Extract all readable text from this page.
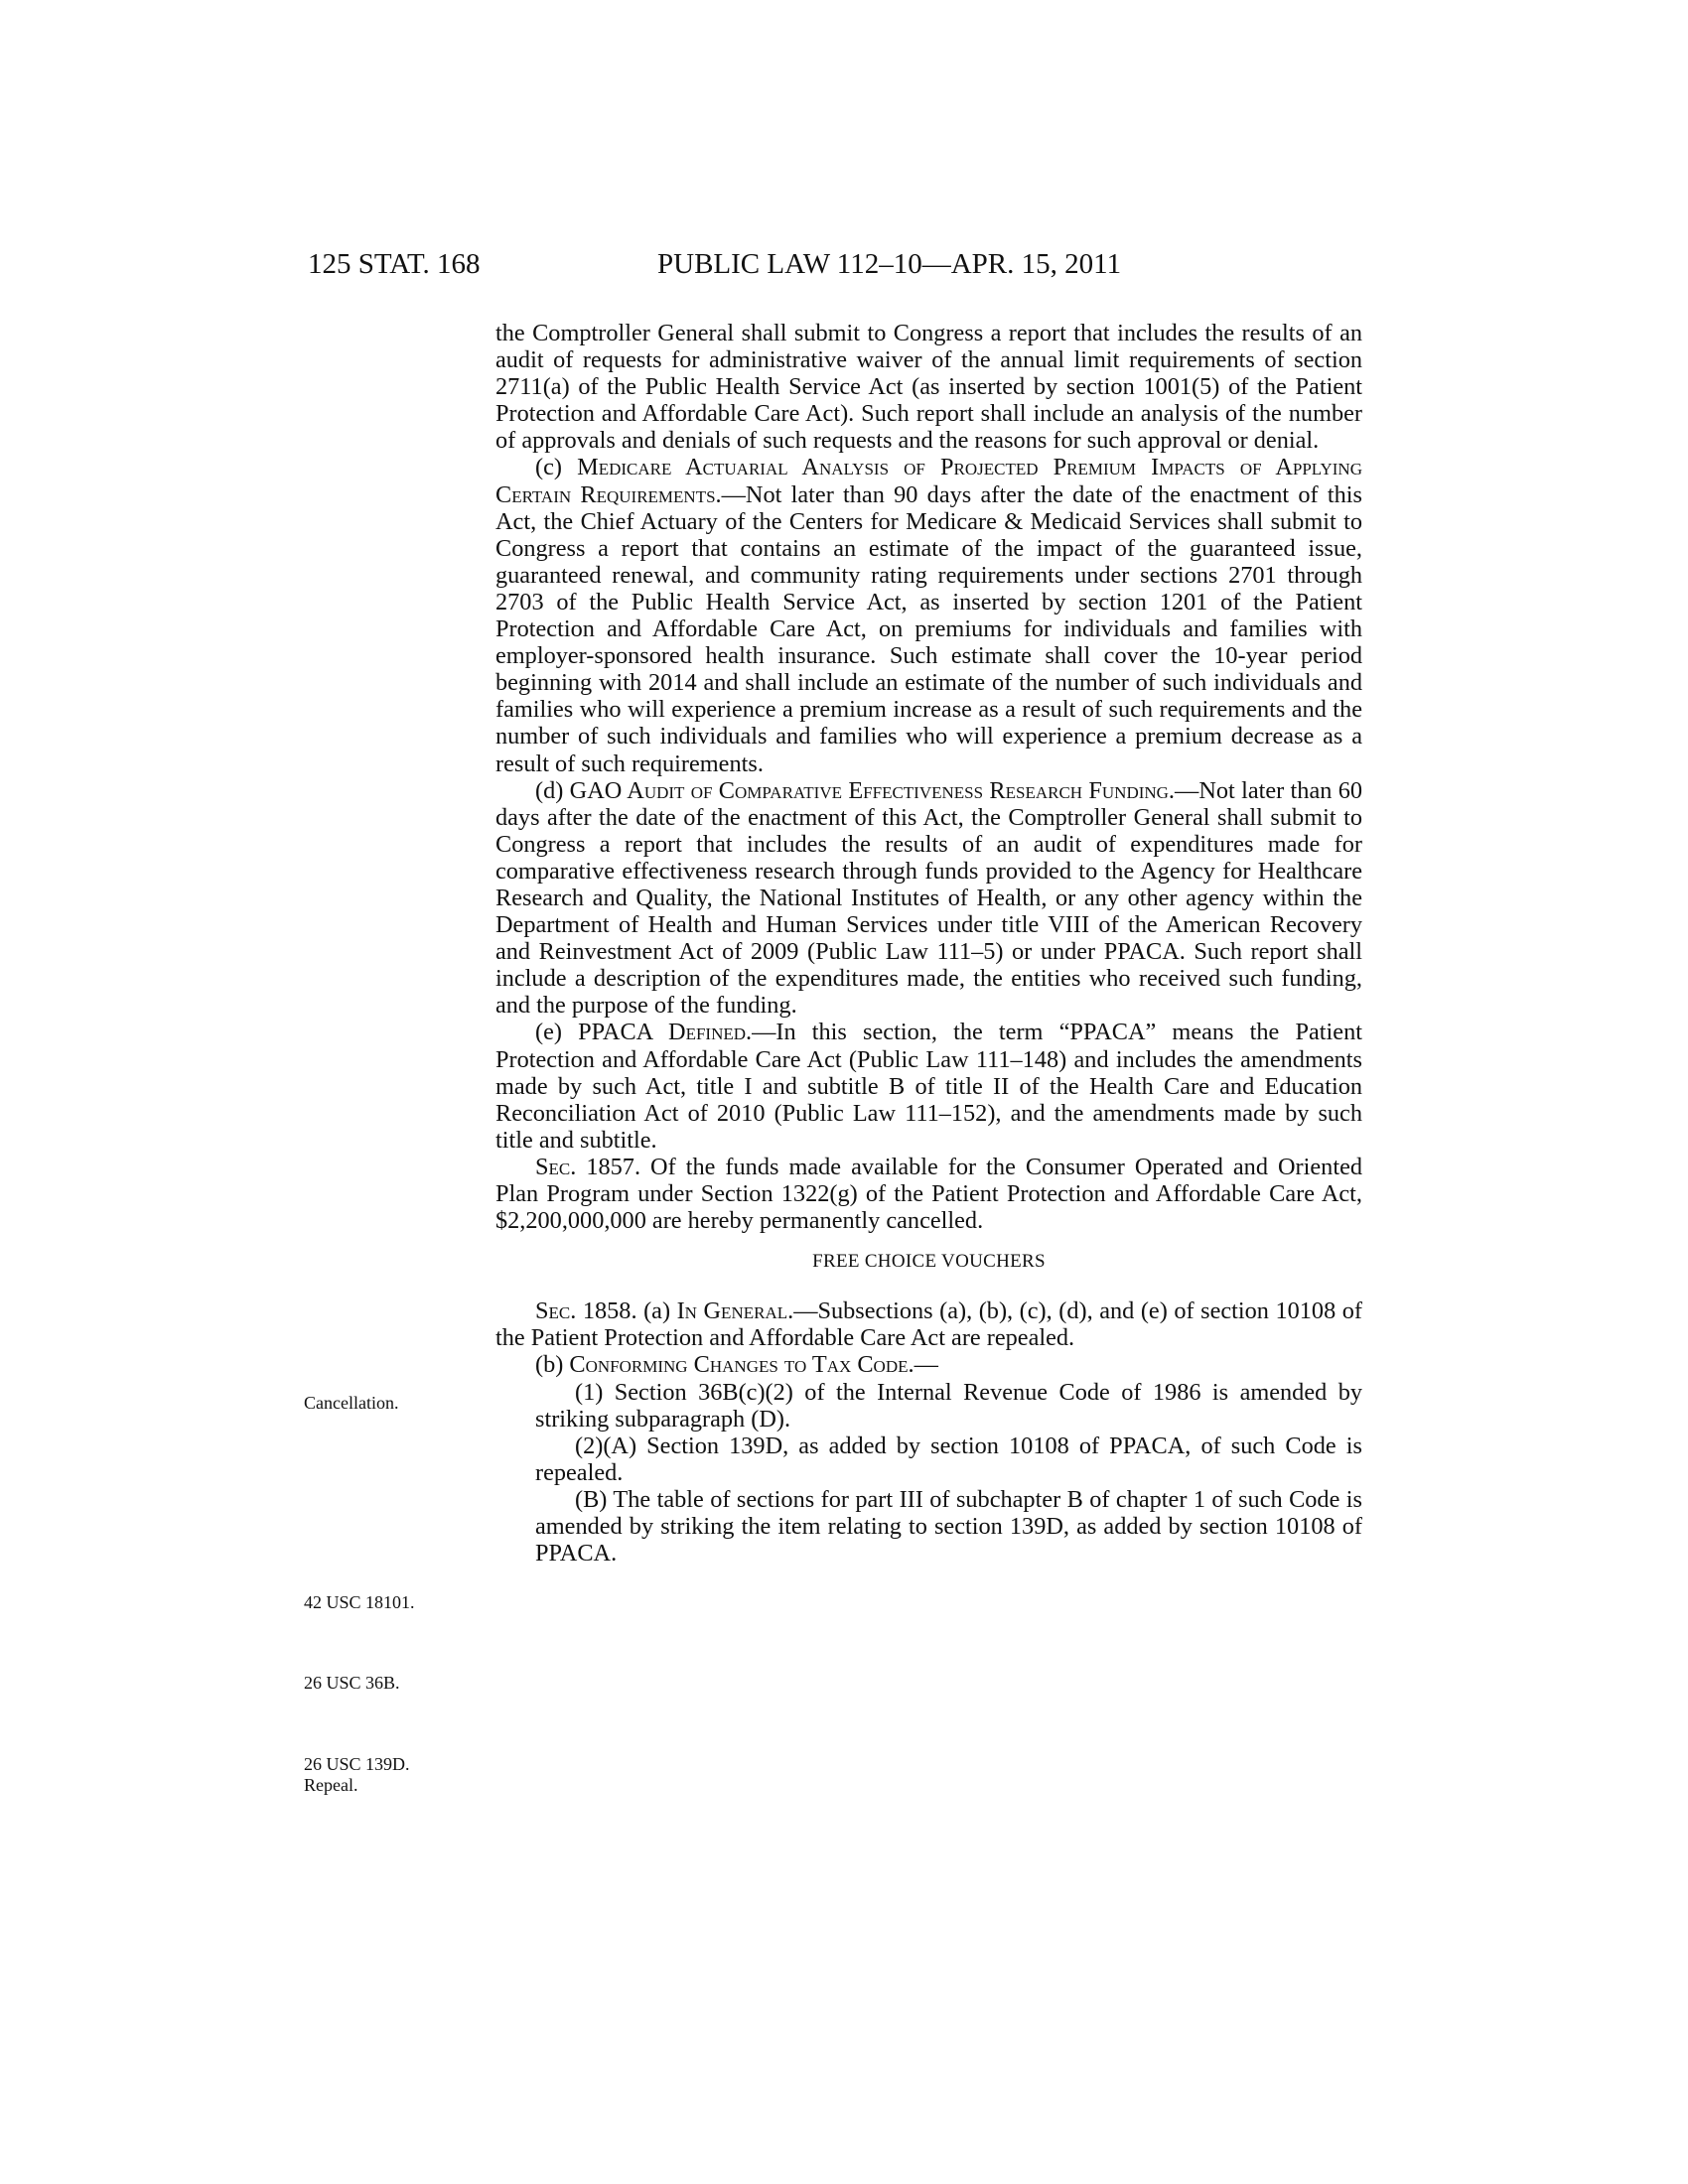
125 STAT. 168	PUBLIC LAW 112–10—APR. 15, 2011
Cancellation.
42 USC 18101.
26 USC 36B.
26 USC 139D.
Repeal.

the Comptroller General shall submit to Congress a report that includes the results of an audit of requests for administrative waiver of the annual limit requirements of section 2711(a) of the Public Health Service Act (as inserted by section 1001(5) of the Patient Protection and Affordable Care Act). Such report shall include an analysis of the number of approvals and denials of such requests and the reasons for such approval or denial.

(c) Medicare Actuarial Analysis of Projected Premium Impacts of Applying Certain Requirements.—Not later than 90 days after the date of the enactment of this Act, the Chief Actuary of the Centers for Medicare & Medicaid Services shall submit to Congress a report that contains an estimate of the impact of the guaranteed issue, guaranteed renewal, and community rating requirements under sections 2701 through 2703 of the Public Health Service Act, as inserted by section 1201 of the Patient Protection and Affordable Care Act, on premiums for individuals and families with employer-sponsored health insurance. Such estimate shall cover the 10-year period beginning with 2014 and shall include an estimate of the number of such individuals and families who will experience a premium increase as a result of such requirements and the number of such individuals and families who will experience a premium decrease as a result of such requirements.

(d) GAO Audit of Comparative Effectiveness Research Funding.—Not later than 60 days after the date of the enactment of this Act, the Comptroller General shall submit to Congress a report that includes the results of an audit of expenditures made for comparative effectiveness research through funds provided to the Agency for Healthcare Research and Quality, the National Institutes of Health, or any other agency within the Department of Health and Human Services under title VIII of the American Recovery and Reinvestment Act of 2009 (Public Law 111–5) or under PPACA. Such report shall include a description of the expenditures made, the entities who received such funding, and the purpose of the funding.

(e) PPACA Defined.—In this section, the term “PPACA” means the Patient Protection and Affordable Care Act (Public Law 111–148) and includes the amendments made by such Act, title I and subtitle B of title II of the Health Care and Education Reconciliation Act of 2010 (Public Law 111–152), and the amendments made by such title and subtitle.

Sec. 1857. Of the funds made available for the Consumer Operated and Oriented Plan Program under Section 1322(g) of the Patient Protection and Affordable Care Act, $2,200,000,000 are hereby permanently cancelled.

FREE CHOICE VOUCHERS

Sec. 1858. (a) In General.—Subsections (a), (b), (c), (d), and (e) of section 10108 of the Patient Protection and Affordable Care Act are repealed.

(b) Conforming Changes to Tax Code.—

(1) Section 36B(c)(2) of the Internal Revenue Code of 1986 is amended by striking subparagraph (D).

(2)(A) Section 139D, as added by section 10108 of PPACA, of such Code is repealed.

(B) The table of sections for part III of subchapter B of chapter 1 of such Code is amended by striking the item relating to section 139D, as added by section 10108 of PPACA.
